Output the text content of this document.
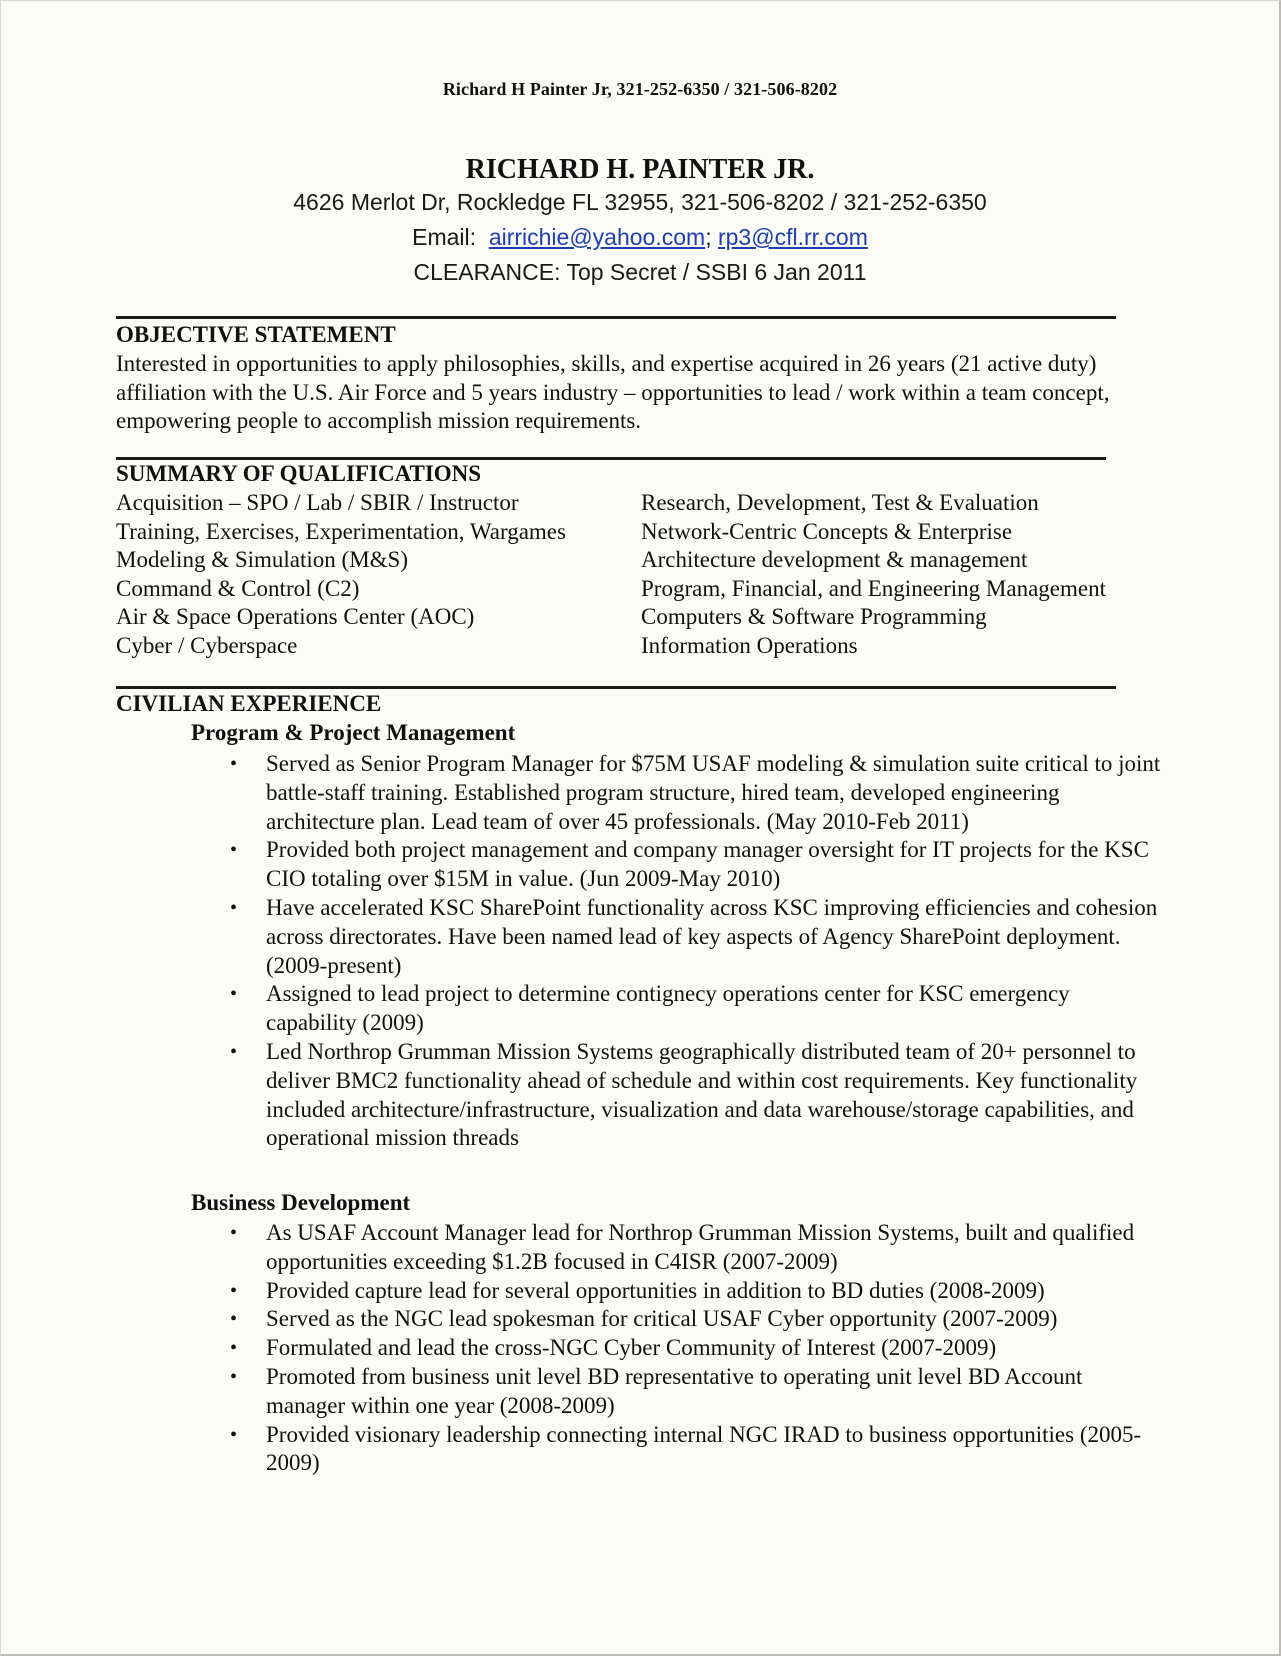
Richard H Painter Jr, 321-252-6350 / 321-506-8202
RICHARD H. PAINTER JR.
4626 Merlot Dr, Rockledge FL 32955, 321-506-8202 / 321-252-6350
Email: airrichie@yahoo.com; rp3@cfl.rr.com
CLEARANCE: Top Secret / SSBI 6 Jan 2011
OBJECTIVE STATEMENT
Interested in opportunities to apply philosophies, skills, and expertise acquired in 26 years (21 active duty) affiliation with the U.S. Air Force and 5 years industry – opportunities to lead / work within a team concept, empowering people to accomplish mission requirements.
SUMMARY OF QUALIFICATIONS
Acquisition – SPO / Lab / SBIR / Instructor
Training, Exercises, Experimentation, Wargames
Modeling & Simulation (M&S)
Command & Control (C2)
Air & Space Operations Center (AOC)
Cyber / Cyberspace
Research, Development, Test & Evaluation
Network-Centric Concepts & Enterprise
Architecture development & management
Program, Financial, and Engineering Management
Computers & Software Programming
Information Operations
CIVILIAN EXPERIENCE
Program & Project Management
• Served as Senior Program Manager for $75M USAF modeling & simulation suite critical to joint battle-staff training. Established program structure, hired team, developed engineering architecture plan. Lead team of over 45 professionals. (May 2010-Feb 2011)
• Provided both project management and company manager oversight for IT projects for the KSC CIO totaling over $15M in value. (Jun 2009-May 2010)
• Have accelerated KSC SharePoint functionality across KSC improving efficiencies and cohesion across directorates. Have been named lead of key aspects of Agency SharePoint deployment. (2009-present)
• Assigned to lead project to determine contignecy operations center for KSC emergency capability (2009)
• Led Northrop Grumman Mission Systems geographically distributed team of 20+ personnel to deliver BMC2 functionality ahead of schedule and within cost requirements. Key functionality included architecture/infrastructure, visualization and data warehouse/storage capabilities, and operational mission threads
Business Development
• As USAF Account Manager lead for Northrop Grumman Mission Systems, built and qualified opportunities exceeding $1.2B focused in C4ISR (2007-2009)
• Provided capture lead for several opportunities in addition to BD duties (2008-2009)
• Served as the NGC lead spokesman for critical USAF Cyber opportunity (2007-2009)
• Formulated and lead the cross-NGC Cyber Community of Interest (2007-2009)
• Promoted from business unit level BD representative to operating unit level BD Account manager within one year (2008-2009)
• Provided visionary leadership connecting internal NGC IRAD to business opportunities (2005-2009)
